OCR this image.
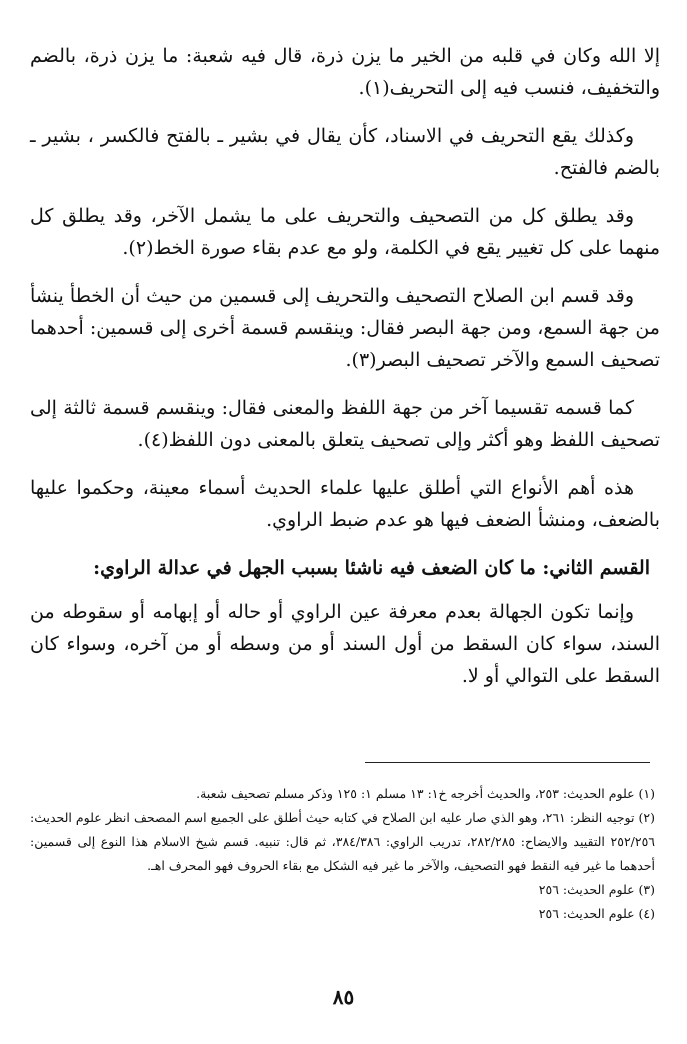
إلا الله وكان في قلبه من الخير ما يزن ذرة، قال فيه شعبة: ما يزن ذرة، بالضم والتخفيف، فنسب فيه إلى التحريف(١).

وكذلك يقع التحريف في الاسناد، كأن يقال في بشير ـ بالفتح فالكسر ، بشير ـ بالضم فالفتح.

وقد يطلق كل من التصحيف والتحريف على ما يشمل الآخر، وقد يطلق كل منهما على كل تغيير يقع في الكلمة، ولو مع عدم بقاء صورة الخط(٢).

وقد قسم ابن الصلاح التصحيف والتحريف إلى قسمين من حيث أن الخطأ ينشأ من جهة السمع، ومن جهة البصر فقال: وينقسم قسمة أخرى إلى قسمين: أحدهما تصحيف السمع والآخر تصحيف البصر(٣).

كما قسمه تقسيما آخر من جهة اللفظ والمعنى فقال: وينقسم قسمة ثالثة إلى تصحيف اللفظ وهو أكثر وإلى تصحيف يتعلق بالمعنى دون اللفظ(٤).

هذه أهم الأنواع التي أطلق عليها علماء الحديث أسماء معينة، وحكموا عليها بالضعف، ومنشأ الضعف فيها هو عدم ضبط الراوي.

القسم الثاني: ما كان الضعف فيه ناشئا بسبب الجهل في عدالة الراوي:

وإنما تكون الجهالة بعدم معرفة عين الراوي أو حاله أو إبهامه أو سقوطه من السند، سواء كان السقط من أول السند أو من وسطه أو من آخره، وسواء كان السقط على التوالي أو لا.

(١) علوم الحديث: ٢٥٣، والحديث أخرجه خ١: ١٣ مسلم ١: ١٢٥ وذكر مسلم تصحيف شعبة.

(٢) توجيه النظر: ٢٦١، وهو الذي صار عليه ابن الصلاح في كتابه حيث أطلق على الجميع اسم المصحف انظر علوم الحديث: ٢٥٢/٢٥٦ التقييد والايضاح: ٢٨٢/٢٨٥، تدريب الراوي: ٣٨٤/٣٨٦، ثم قال: تنبيه. قسم شيخ الاسلام هذا النوع إلى قسمين: أحدهما ما غير فيه النقط فهو التصحيف، والآخر ما غير فيه الشكل مع بقاء الحروف فهو المحرف اهـ.

(٣) علوم الحديث: ٢٥٦

(٤) علوم الحديث: ٢٥٦

٨٥
